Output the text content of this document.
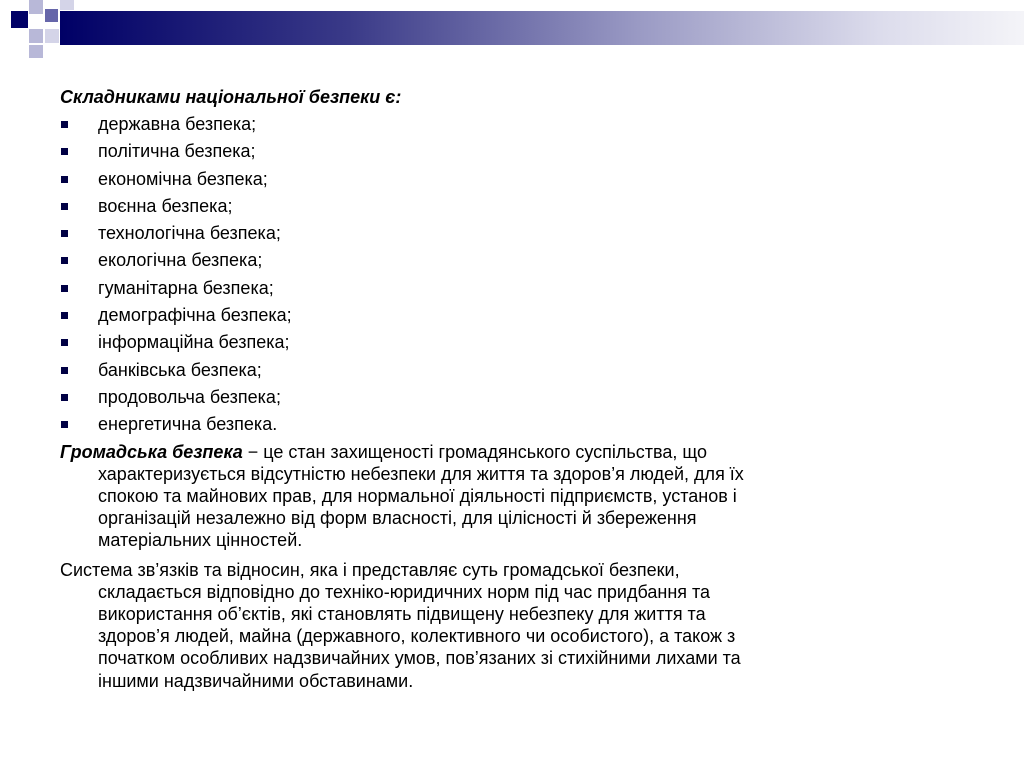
Складниками національної безпеки є:

державна безпека;
політична безпека;
економічна безпека;
воєнна безпека;
технологічна безпека;
екологічна безпека;
гуманітарна безпека;
демографічна безпека;
інформаційна безпека;
банківська безпека;
продовольча безпека;
енергетична безпека.

Громадська безпека − це стан захищеності громадянського суспільства, що
характеризується відсутністю небезпеки для життя та здоров’я людей, для їх
спокою та майнових прав, для нормальної діяльності підприємств, установ і
організацій незалежно від форм власності, для цілісності й збереження
матеріальних цінностей.

Система зв’язків та відносин, яка і представляє суть громадської безпеки,
складається відповідно до техніко-юридичних норм під час придбання та
використання об’єктів, які становлять підвищену небезпеку для життя та
здоров’я людей, майна (державного, колективного чи особистого), а також з
початком особливих надзвичайних умов, пов’язаних зі стихійними лихами та
іншими надзвичайними обставинами.
